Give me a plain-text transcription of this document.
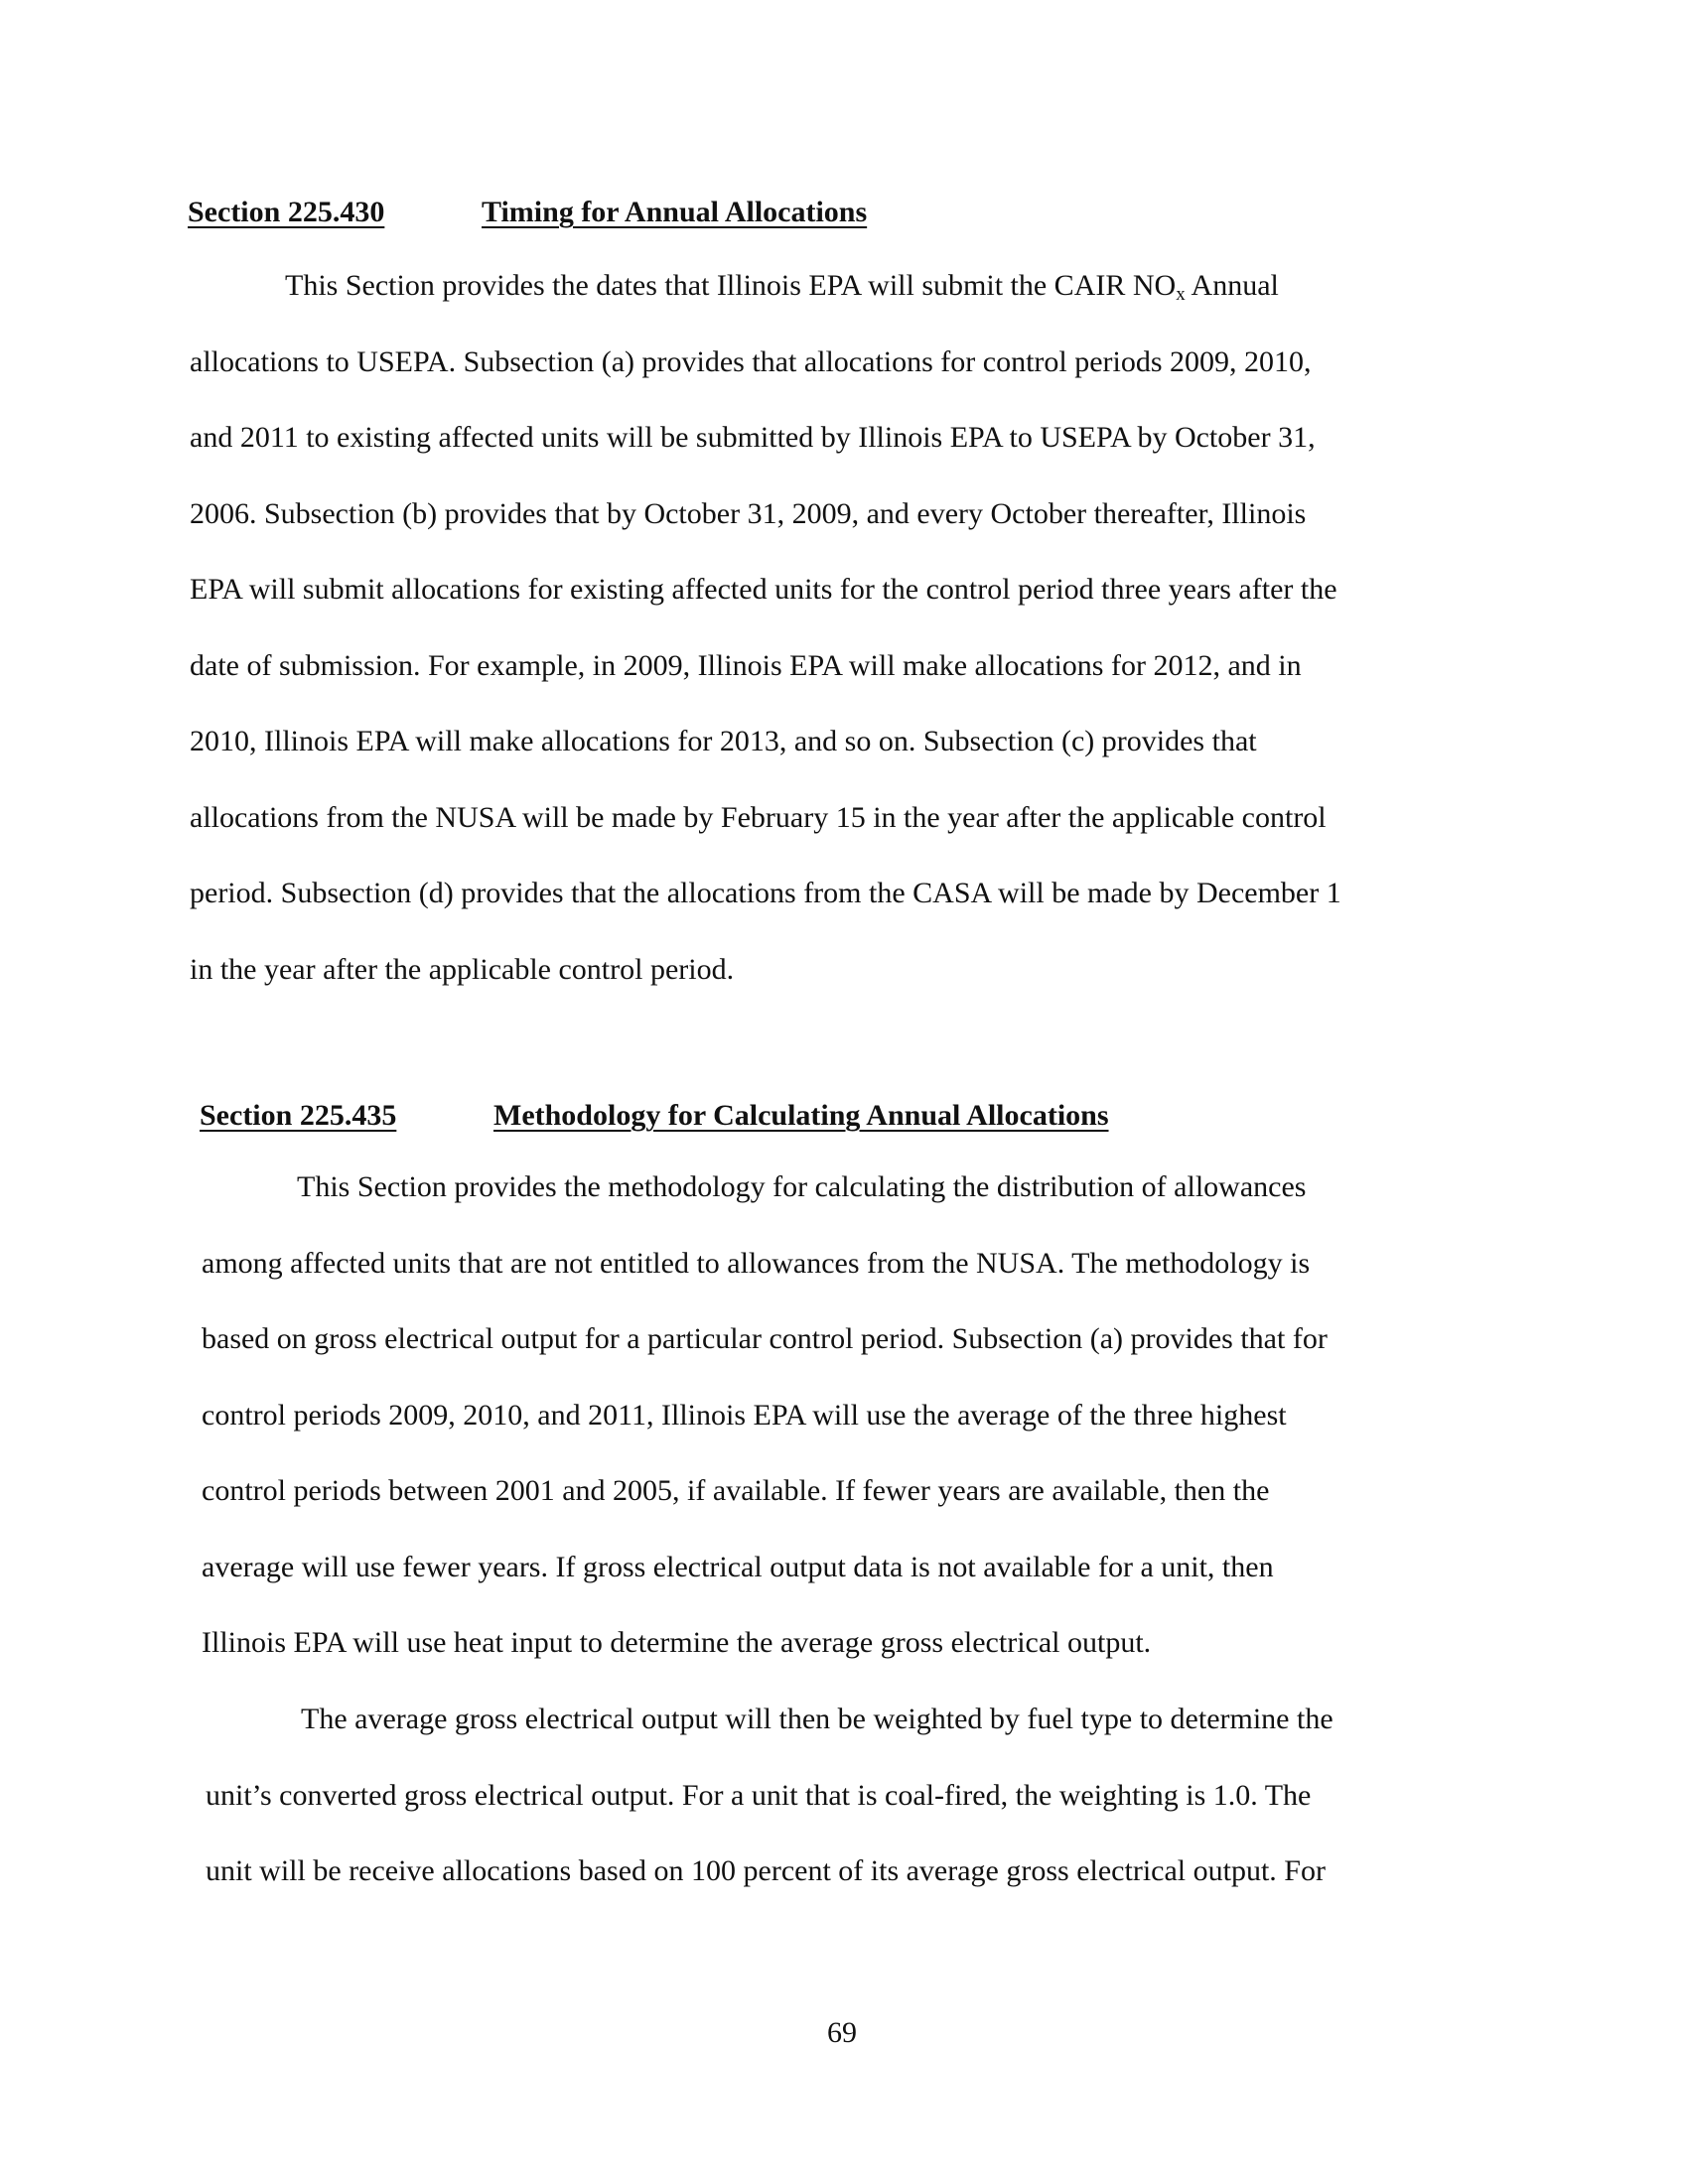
Section 225.430	Timing for Annual Allocations
This Section provides the dates that Illinois EPA will submit the CAIR $NO_x$ Annual
allocations to USEPA. Subsection (a) provides that allocations for control periods 2009, 2010,
and 2011 to existing affected units will be submitted by Illinois EPA to USEPA by October 31,
2006. Subsection (b) provides that by October 31, 2009, and every October thereafter, Illinois
EPA will submit allocations for existing affected units for the control period three years after the
date of submission. For example, in 2009, Illinois EPA will make allocations for 2012, and in
2010, Illinois EPA will make allocations for 2013, and so on. Subsection (c) provides that
allocations from the NUSA will be made by February 15 in the year after the applicable control
period. Subsection (d) provides that the allocations from the CASA will be made by December 1
in the year after the applicable control period.
Section 225.435	Methodology for Calculating Annual Allocations
This Section provides the methodology for calculating the distribution of allowances
among affected units that are not entitled to allowances from the NUSA. The methodology is
based on gross electrical output for a particular control period. Subsection (a) provides that for
control periods 2009, 2010, and 2011, Illinois EPA will use the average of the three highest
control periods between 2001 and 2005, if available. If fewer years are available, then the
average will use fewer years. If gross electrical output data is not available for a unit, then
Illinois EPA will use heat input to determine the average gross electrical output.
The average gross electrical output will then be weighted by fuel type to determine the
unit’s converted gross electrical output. For a unit that is coal-fired, the weighting is 1.0. The
unit will be receive allocations based on 100 percent of its average gross electrical output. For
69
